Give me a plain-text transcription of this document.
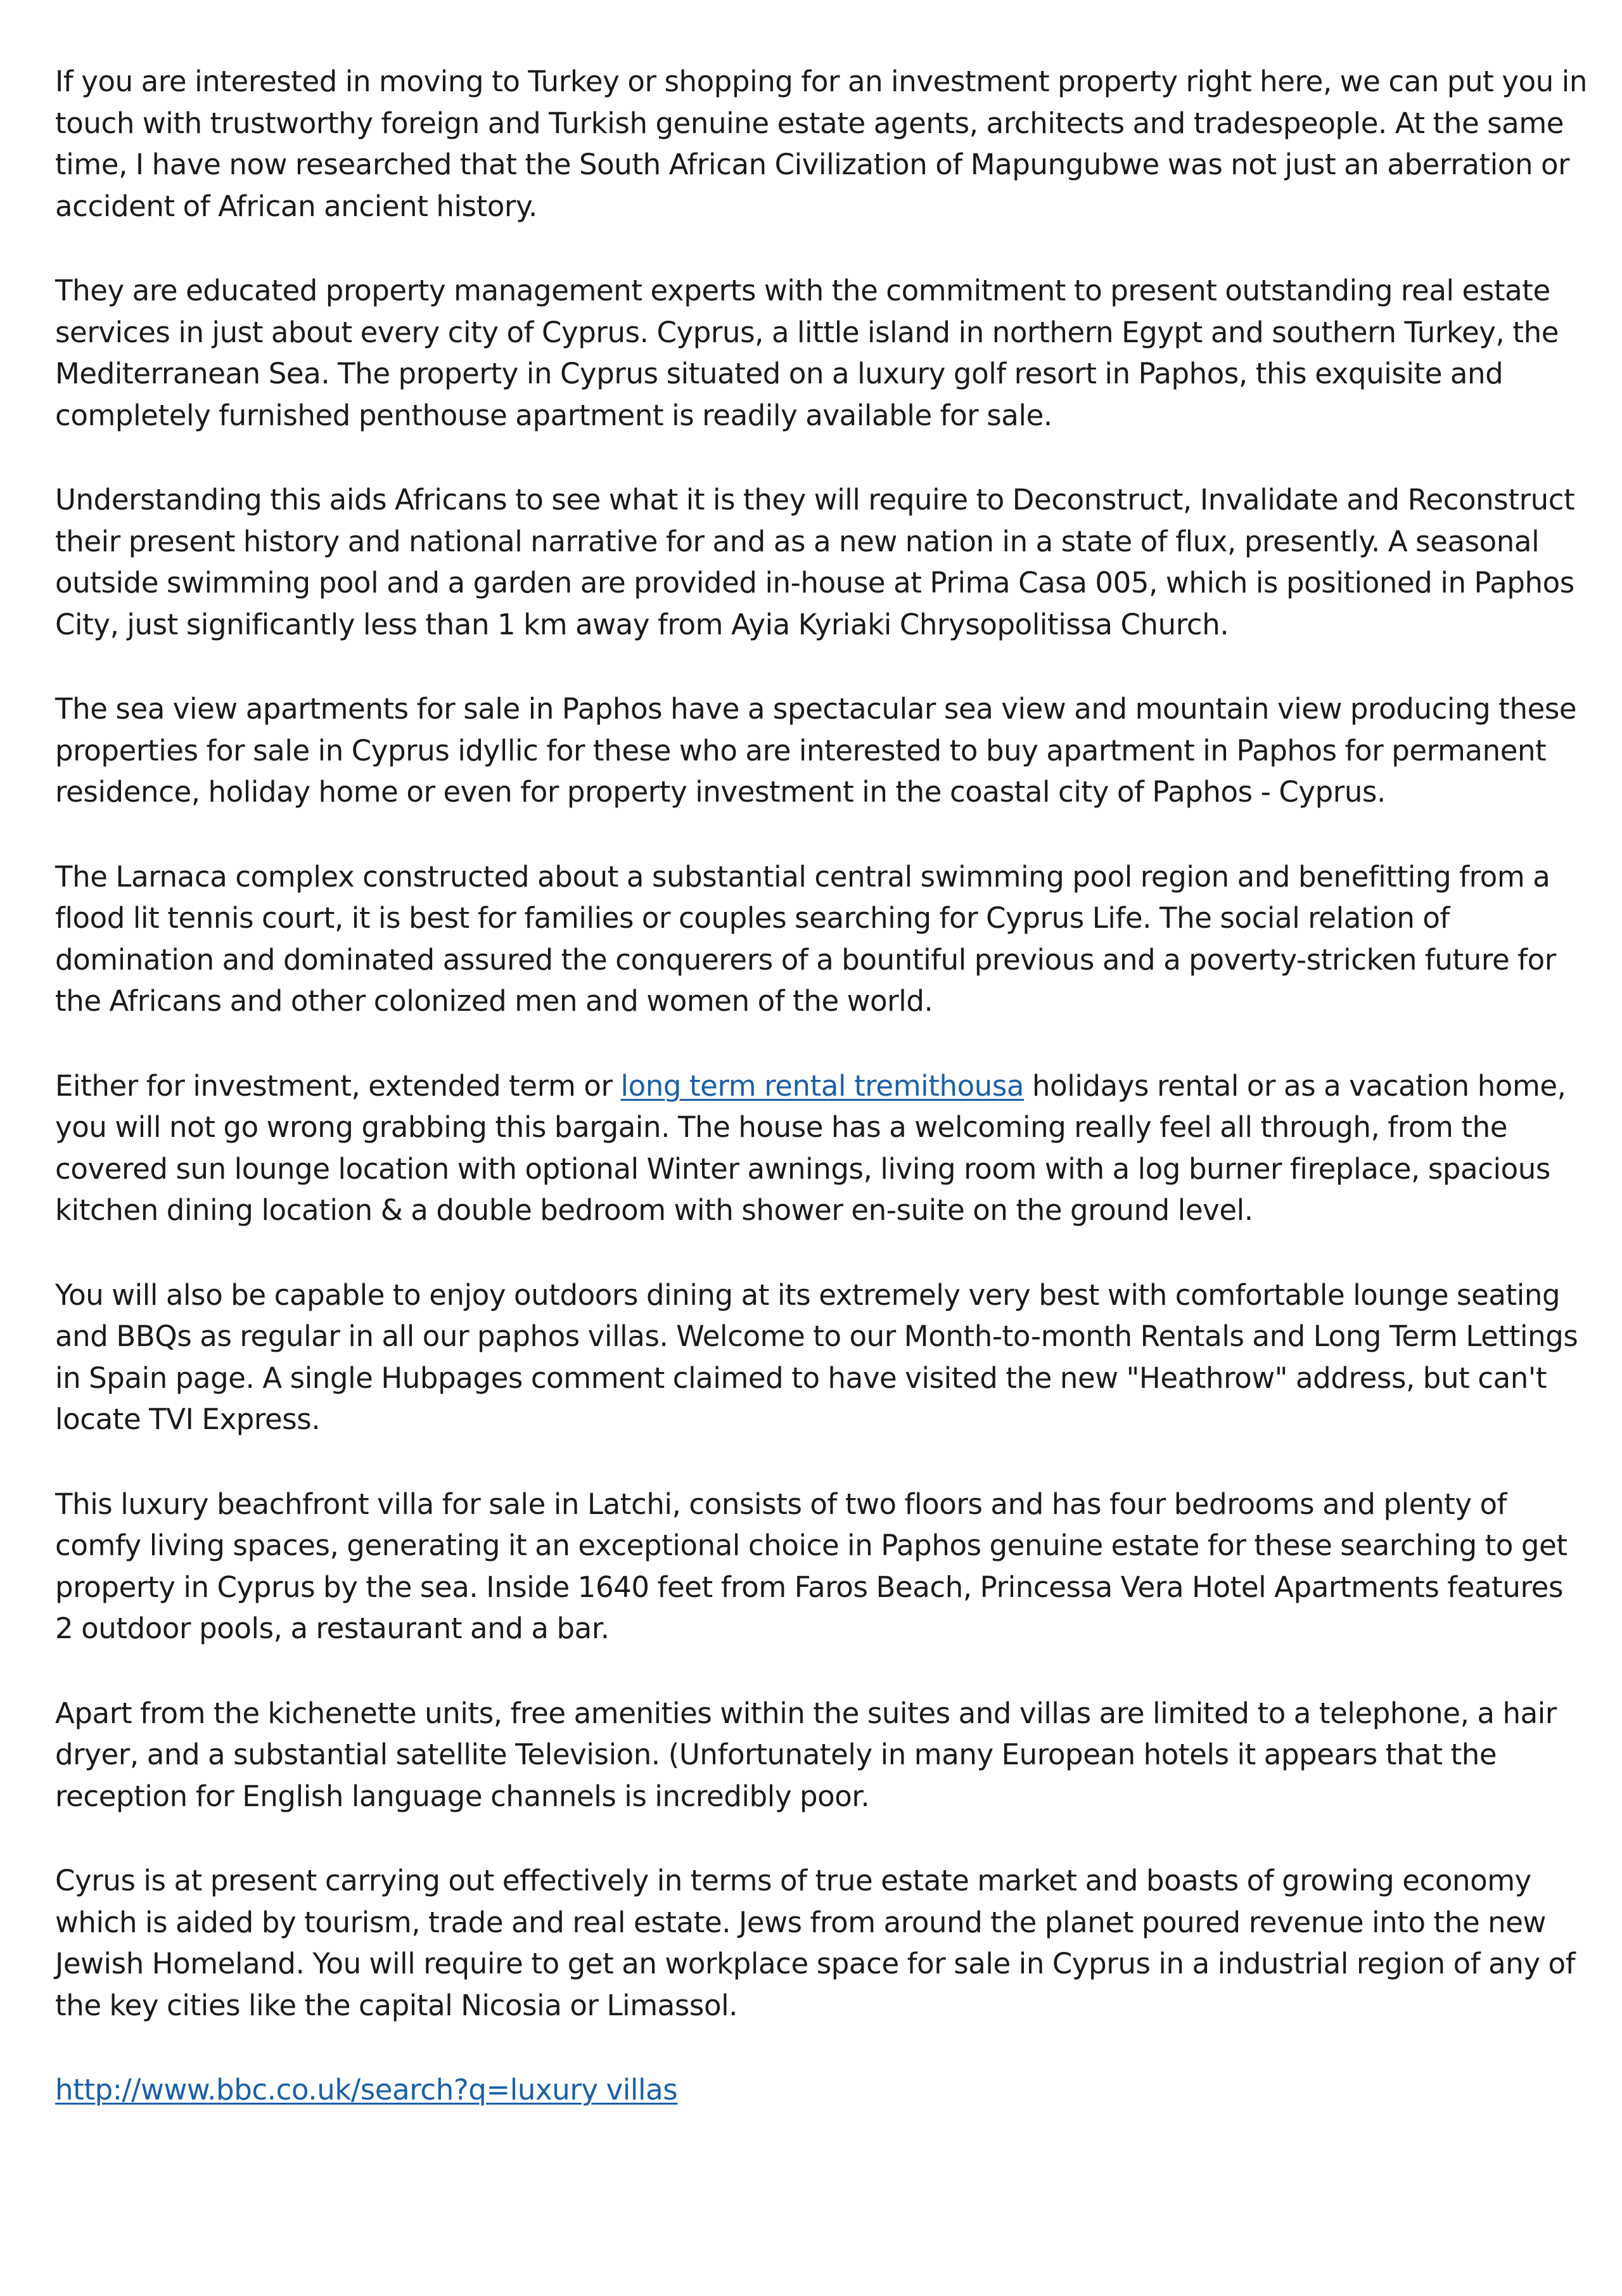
If you are interested in moving to Turkey or shopping for an investment property right here, we can put you in touch with trustworthy foreign and Turkish genuine estate agents, architects and tradespeople. At the same time, I have now researched that the South African Civilization of Mapungubwe was not just an aberration or accident of African ancient history.

They are educated property management experts with the commitment to present outstanding real estate services in just about every city of Cyprus. Cyprus, a little island in northern Egypt and southern Turkey, the Mediterranean Sea. The property in Cyprus situated on a luxury golf resort in Paphos, this exquisite and completely furnished penthouse apartment is readily available for sale.

Understanding this aids Africans to see what it is they will require to Deconstruct, Invalidate and Reconstruct their present history and national narrative for and as a new nation in a state of flux, presently. A seasonal outside swimming pool and a garden are provided in-house at Prima Casa 005, which is positioned in Paphos City, just significantly less than 1 km away from Ayia Kyriaki Chrysopolitissa Church.

The sea view apartments for sale in Paphos have a spectacular sea view and mountain view producing these properties for sale in Cyprus idyllic for these who are interested to buy apartment in Paphos for permanent residence, holiday home or even for property investment in the coastal city of Paphos - Cyprus.

The Larnaca complex constructed about a substantial central swimming pool region and benefitting from a flood lit tennis court, it is best for families or couples searching for Cyprus Life. The social relation of domination and dominated assured the conquerers of a bountiful previous and a poverty-stricken future for the Africans and other colonized men and women of the world.

Either for investment, extended term or long term rental tremithousa holidays rental or as a vacation home, you will not go wrong grabbing this bargain. The house has a welcoming really feel all through, from the covered sun lounge location with optional Winter awnings, living room with a log burner fireplace, spacious kitchen dining location & a double bedroom with shower en-suite on the ground level.

You will also be capable to enjoy outdoors dining at its extremely very best with comfortable lounge seating and BBQs as regular in all our paphos villas. Welcome to our Month-to-month Rentals and Long Term Lettings in Spain page. A single Hubpages comment claimed to have visited the new "Heathrow" address, but can't locate TVI Express.

This luxury beachfront villa for sale in Latchi, consists of two floors and has four bedrooms and plenty of comfy living spaces, generating it an exceptional choice in Paphos genuine estate for these searching to get property in Cyprus by the sea. Inside 1640 feet from Faros Beach, Princessa Vera Hotel Apartments features 2 outdoor pools, a restaurant and a bar.

Apart from the kichenette units, free amenities within the suites and villas are limited to a telephone, a hair dryer, and a substantial satellite Television. (Unfortunately in many European hotels it appears that the reception for English language channels is incredibly poor.

Cyrus is at present carrying out effectively in terms of true estate market and boasts of growing economy which is aided by tourism, trade and real estate. Jews from around the planet poured revenue into the new Jewish Homeland. You will require to get an workplace space for sale in Cyprus in a industrial region of any of the key cities like the capital Nicosia or Limassol.

http://www.bbc.co.uk/search?q=luxury villas
